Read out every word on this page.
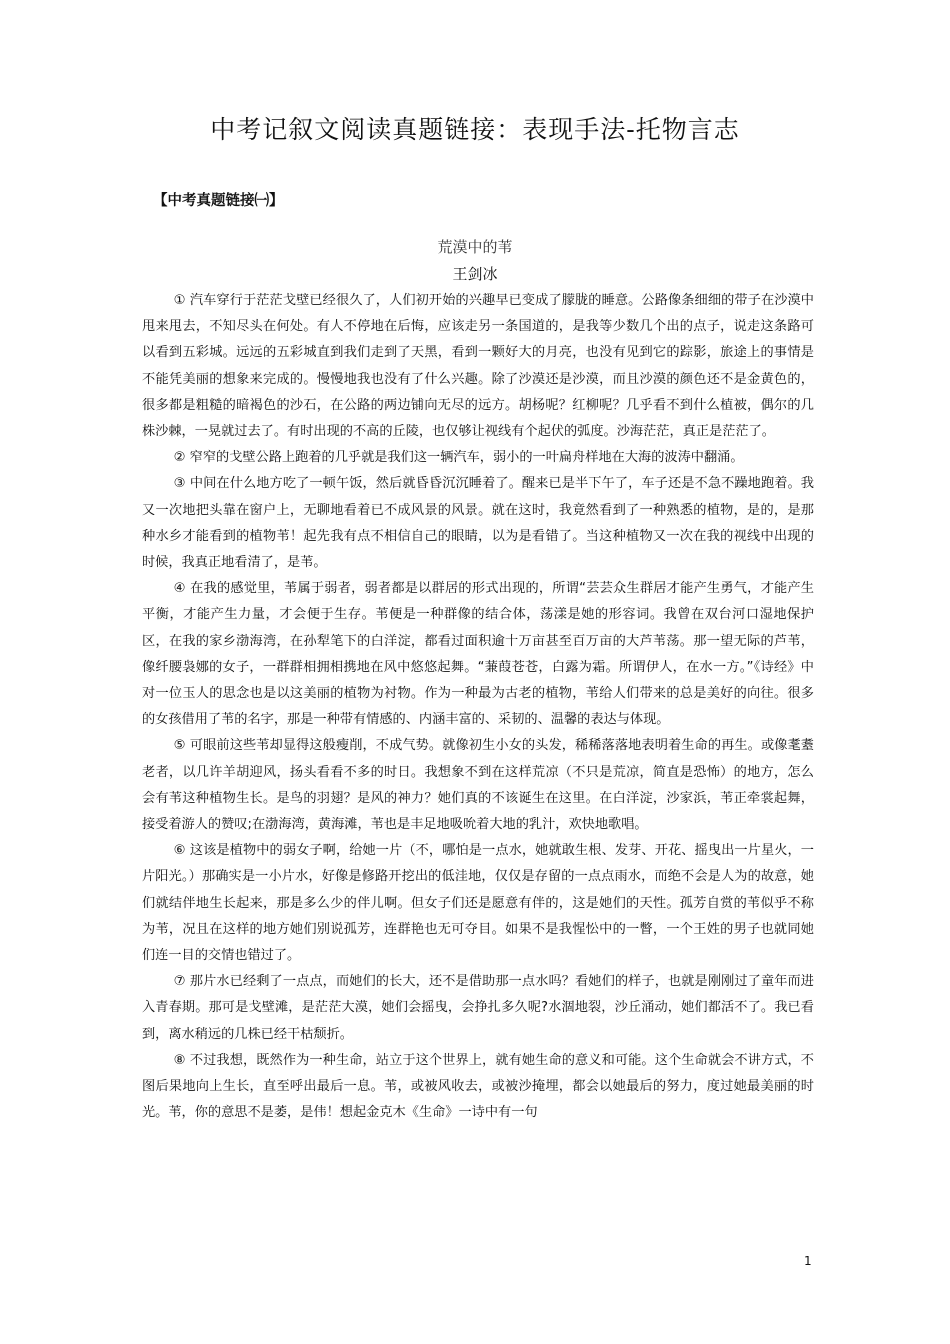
中考记叙文阅读真题链接：表现手法-托物言志
【中考真题链接㈠】
荒漠中的苇
王剑冰

① 汽车穿行于茫茫戈壁已经很久了，人们初开始的兴趣早已变成了朦胧的睡意。公路像条细细的带子在沙漠中甩来甩去，不知尽头在何处。有人不停地在后悔，应该走另一条国道的，是我等少数几个出的点子，说走这条路可以看到五彩城。远远的五彩城直到我们走到了天黑，看到一颗好大的月亮，也没有见到它的踪影，旅途上的事情是不能凭美丽的想象来完成的。慢慢地我也没有了什么兴趣。除了沙漠还是沙漠，而且沙漠的颜色还不是金黄色的，很多都是粗糙的暗褐色的沙石，在公路的两边铺向无尽的远方。胡杨呢？红柳呢？几乎看不到什么植被，偶尔的几株沙棘，一晃就过去了。有时出现的不高的丘陵，也仅够让视线有个起伏的弧度。沙海茫茫，真正是茫茫了。

② 窄窄的戈壁公路上跑着的几乎就是我们这一辆汽车，弱小的一叶扁舟样地在大海的波涛中翻涌。

③ 中间在什么地方吃了一顿午饭，然后就昏昏沉沉睡着了。醒来已是半下午了，车子还是不急不躁地跑着。我又一次地把头靠在窗户上，无聊地看着已不成风景的风景。就在这时，我竟然看到了一种熟悉的植物，是的，是那种水乡才能看到的植物苇！起先我有点不相信自己的眼睛，以为是看错了。当这种植物又一次在我的视线中出现的时候，我真正地看清了，是苇。

④ 在我的感觉里，苇属于弱者，弱者都是以群居的形式出现的，所谓“芸芸众生群居才能产生勇气，才能产生平衡，才能产生力量，才会便于生存。苇便是一种群像的结合体，荡漾是她的形容词。我曾在双台河口湿地保护区，在我的家乡渤海湾，在孙犁笔下的白洋淀，都看过面积逾十万亩甚至百万亩的大芦苇荡。那一望无际的芦苇，像纤腰袅娜的女子，一群群相拥相携地在风中悠悠起舞。“蒹葭苍苍，白露为霜。所谓伊人，在水一方。”《诗经》中对一位玉人的思念也是以这美丽的植物为衬物。作为一种最为古老的植物，苇给人们带来的总是美好的向往。很多的女孩借用了苇的名字，那是一种带有情感的、内涵丰富的、采韧的、温馨的表达与体现。

⑤ 可眼前这些苇却显得这般瘦削，不成气势。就像初生小女的头发，稀稀落落地表明着生命的再生。或像耄耋老者，以几许羊胡迎风，扬头看看不多的时日。我想象不到在这样荒凉（不只是荒凉，简直是恐怖）的地方，怎么会有苇这种植物生长。是鸟的羽翅？是风的神力？她们真的不该诞生在这里。在白洋淀，沙家浜，苇正牵裳起舞，接受着游人的赞叹;在渤海湾，黄海滩，苇也是丰足地吸吮着大地的乳汁，欢快地歌唱。

⑥ 这该是植物中的弱女子啊，给她一片（不，哪怕是一点水，她就敢生根、发芽、开花、摇曳出一片星火，一片阳光。）那确实是一小片水，好像是修路开挖出的低洼地，仅仅是存留的一点点雨水，而绝不会是人为的故意，她们就结伴地生长起来，那是多么少的伴儿啊。但女子们还是愿意有伴的，这是她们的天性。孤芳自赏的苇似乎不称为苇，况且在这样的地方她们别说孤芳，连群艳也无可夺目。如果不是我惺忪中的一瞥，一个王姓的男子也就同她们连一目的交情也错过了。

⑦ 那片水已经剩了一点点，而她们的长大，还不是借助那一点水吗？看她们的样子，也就是刚刚过了童年而进入青春期。那可是戈壁滩，是茫茫大漠，她们会摇曳，会挣扎多久呢?水涸地裂，沙丘涌动，她们都活不了。我已看到，离水稍远的几株已经干枯颓折。

⑧ 不过我想，既然作为一种生命，站立于这个世界上，就有她生命的意义和可能。这个生命就会不讲方式，不图后果地向上生长，直至呼出最后一息。苇，或被风收去，或被沙掩埋，都会以她最后的努力，度过她最美丽的时光。苇，你的意思不是萎，是伟！想起金克木《生命》一诗中有一句

1
